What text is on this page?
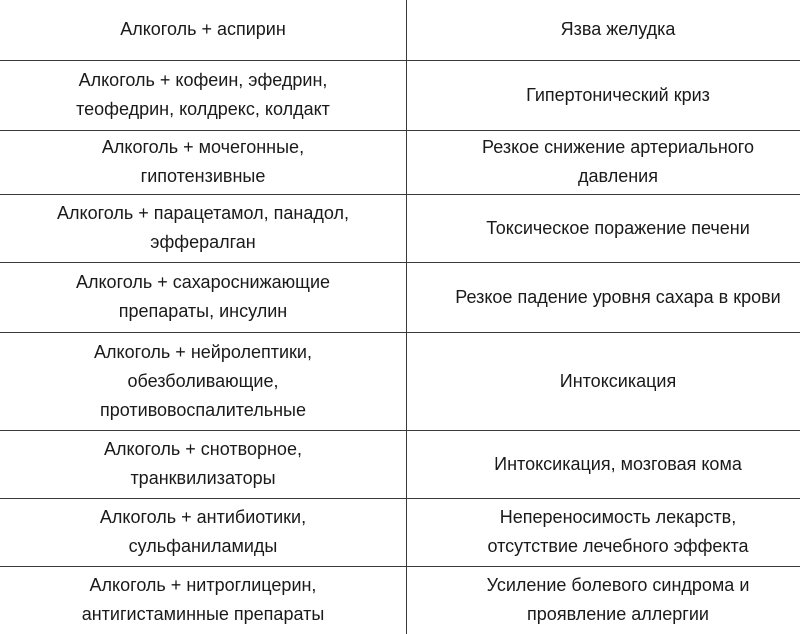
Алкоголь + аспирин	Язва желудка
Алкоголь + кофеин, эфедрин, теофедрин, колдрекс, колдакт	Гипертонический криз
Алкоголь + мочегонные, гипотензивные	Резкое снижение артериального давления
Алкоголь + парацетамол, панадол, эффералган	Токсическое поражение печени
Алкоголь + сахароснижающие препараты, инсулин	Резкое падение уровня сахара в крови
Алкоголь + нейролептики, обезболивающие, противовоспалительные	Интоксикация
Алкоголь + снотворное, транквилизаторы	Интоксикация, мозговая кома
Алкоголь + антибиотики, сульфаниламиды	Непереносимость лекарств, отсутствие лечебного эффекта
Алкоголь + нитроглицерин, антигистаминные препараты	Усиление болевого синдрома и проявление аллергии
